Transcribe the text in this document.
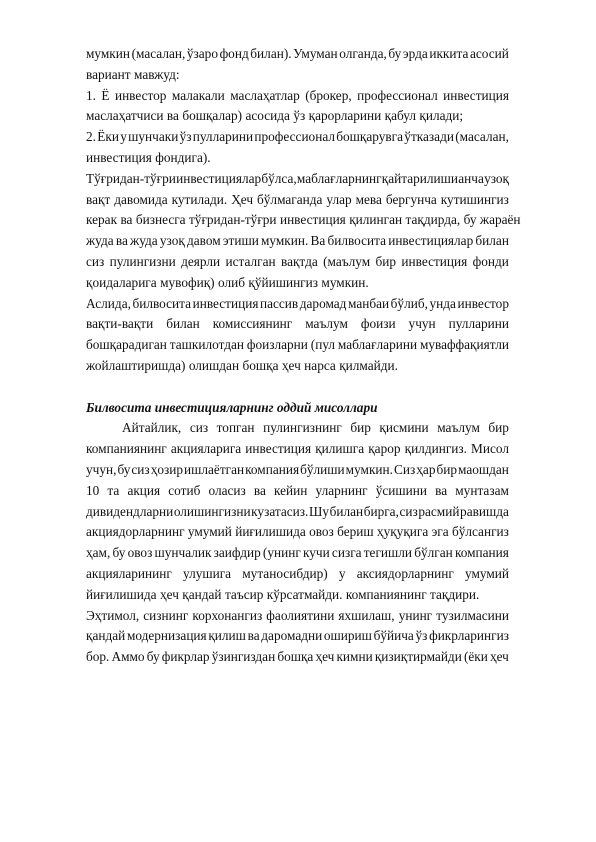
мумкин (масалан, ўзаро фонд билан). Умуман олганда, бу эрда иккита асосий
вариант мавжуд:
1. Ё инвестор малакали маслаҳатлар (брокер, профессионал инвестиция
маслаҳатчиси ва бошқалар) асосида ўз қарорларини қабул қилади;
2. Ёки у шунчаки ўз пулларини профессионал бошқарувга ўтказади (масалан,
инвестиция фондига).
Тўғридан-тўғри инвестициялар бўлса, маблағларнинг қайтарилиши анча узоқ
вақт давомида кутилади. Ҳеч бўлмаганда улар мева бергунча кутишингиз
керак ва бизнесга тўғридан-тўғри инвестиция қилинган тақдирда, бу жараён
жуда ва жуда узоқ давом этиши мумкин. Ва билвосита инвестициялар билан
сиз пулингизни деярли исталган вақтда (маълум бир инвестиция фонди
қоидаларига мувофиқ) олиб қўйишингиз мумкин.
Аслида, билвосита инвестиция пассив даромад манбаи бўлиб, унда инвестор
вақти-вақти билан комиссиянинг маълум фоизи учун пулларини
бошқарадиган ташкилотдан фоизларни (пул маблағларини муваффақиятли
жойлаштиришда) олишдан бошқа ҳеч нарса қилмайди.
Билвосита инвестицияларнинг оддий мисоллари
Айтайлик, сиз топган пулингизнинг бир қисмини маълум бир
компаниянинг акцияларига инвестиция қилишга қарор қилдингиз. Мисол
учун, бу сиз ҳозир ишлаётган компания бўлиши мумкин. Сиз ҳар бир маошдан
10 та акция сотиб оласиз ва кейин уларнинг ўсишини ва мунтазам
дивидендларни олишингизни кузатасиз. Шу билан бирга, сиз расмий равишда
акциядорларнинг умумий йиғилишида овоз бериш ҳуқуқига эга бўлсангиз
ҳам, бу овоз шунчалик заифдир (унинг кучи сизга тегишли бўлган компания
акцияларининг улушига мутаносибдир) у аксиядорларнинг умумий
йиғилишида ҳеч қандай таъсир кўрсатмайди. компаниянинг тақдири.
Эҳтимол, сизнинг корхонангиз фаолиятини яхшилаш, унинг тузилмасини
қандай модернизация қилиш ва даромадни ошириш бўйича ўз фикрларингиз
бор. Аммо бу фикрлар ўзингиздан бошқа ҳеч кимни қизиқтирмайди (ёки ҳеч
